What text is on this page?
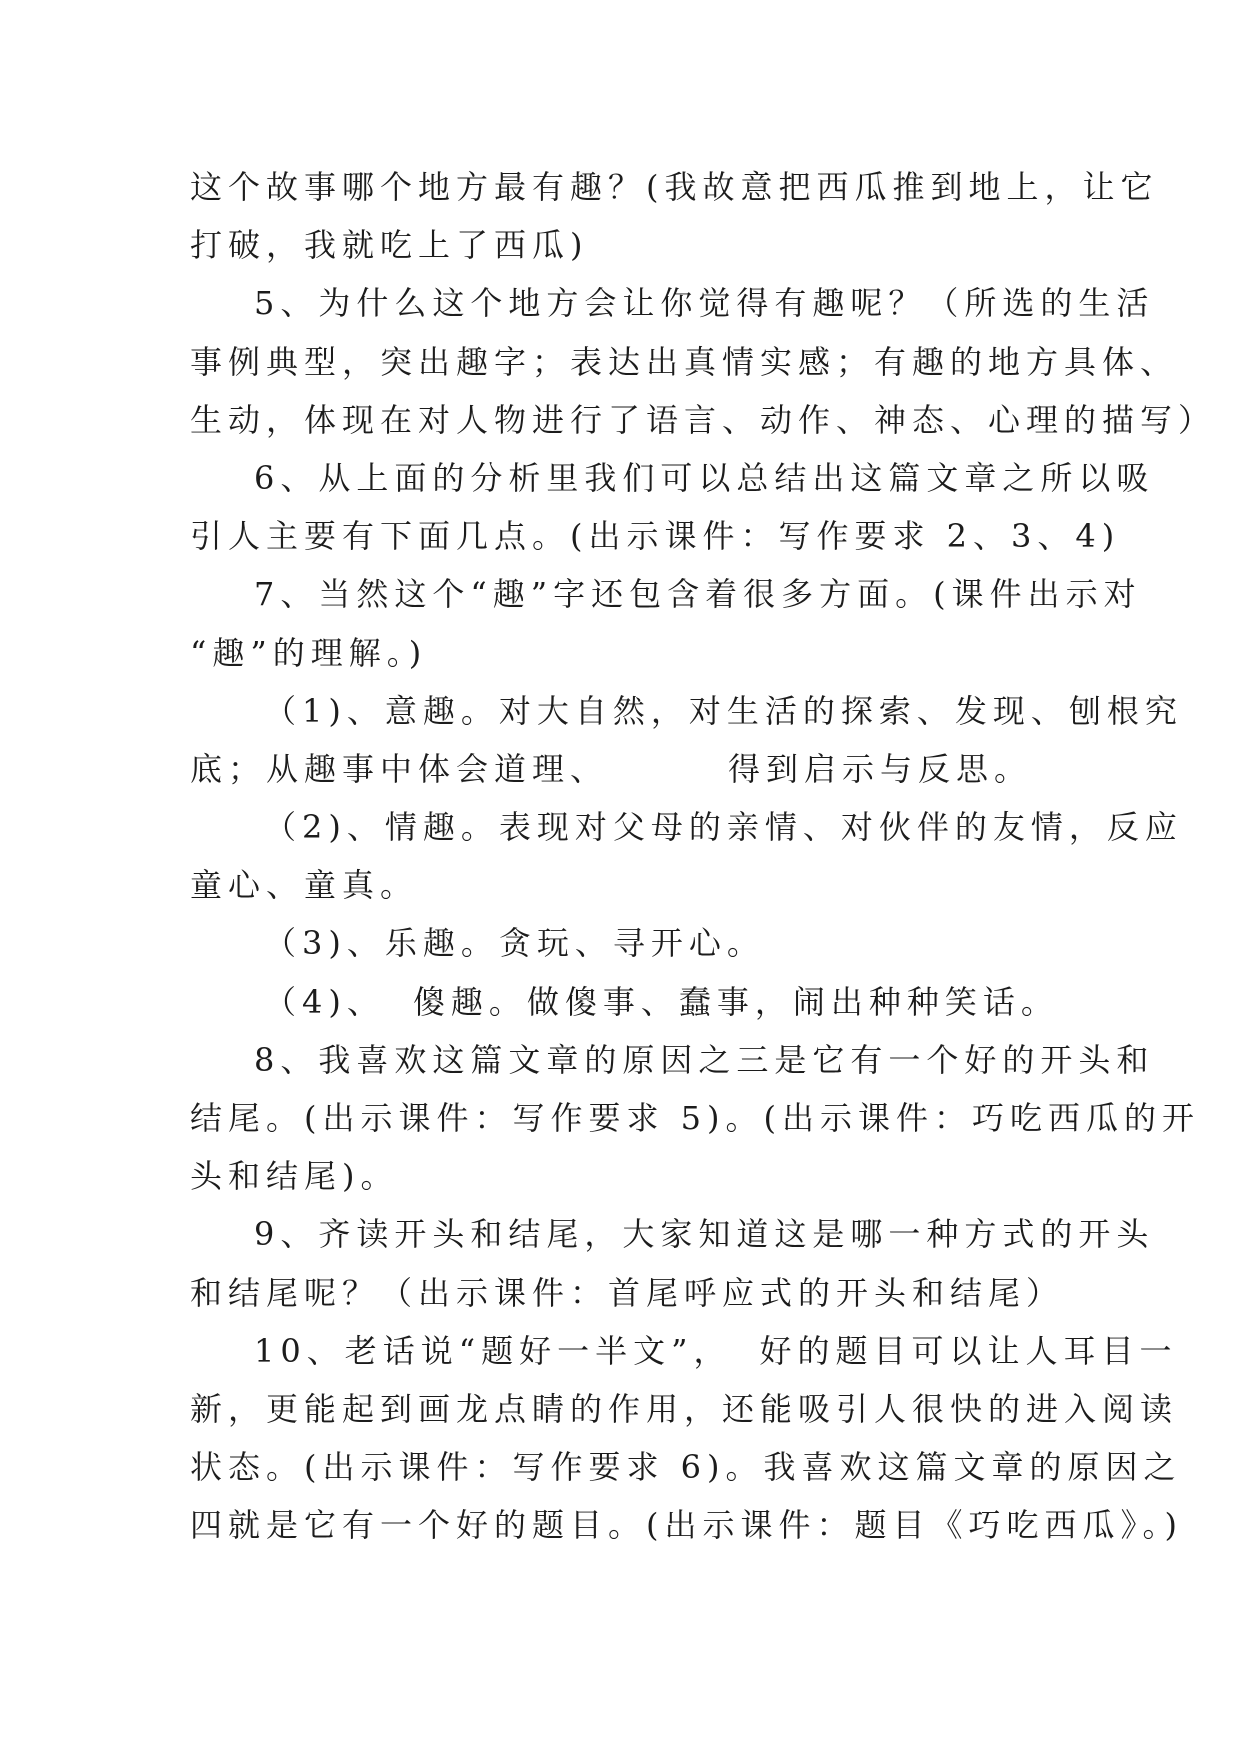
这个故事哪个地方最有趣？(我故意把西瓜推到地上，让它
打破，我就吃上了西瓜)
5、为什么这个地方会让你觉得有趣呢？（所选的生活
事例典型，突出趣字；表达出真情实感；有趣的地方具体、
生动，体现在对人物进行了语言、动作、神态、心理的描写）
6、从上面的分析里我们可以总结出这篇文章之所以吸
引人主要有下面几点。(出示课件：写作要求 2、3、4)
7、当然这个“趣”字还包含着很多方面。(课件出示对
“趣”的理解。)
（1)、意趣。对大自然，对生活的探索、发现、刨根究
底；从趣事中体会道理、	得到启示与反思。
（2)、情趣。表现对父母的亲情、对伙伴的友情，反应
童心、童真。
（3)、乐趣。贪玩、寻开心。
（4)、 傻趣。做傻事、蠢事，闹出种种笑话。
8、我喜欢这篇文章的原因之三是它有一个好的开头和
结尾。(出示课件：写作要求 5)。(出示课件：巧吃西瓜的开
头和结尾)。
9、齐读开头和结尾，大家知道这是哪一种方式的开头
和结尾呢？（出示课件：首尾呼应式的开头和结尾）
10、老话说“题好一半文”， 好的题目可以让人耳目一
新，更能起到画龙点睛的作用，还能吸引人很快的进入阅读
状态。(出示课件：写作要求 6)。我喜欢这篇文章的原因之
四就是它有一个好的题目。(出示课件：题目《巧吃西瓜》。)
